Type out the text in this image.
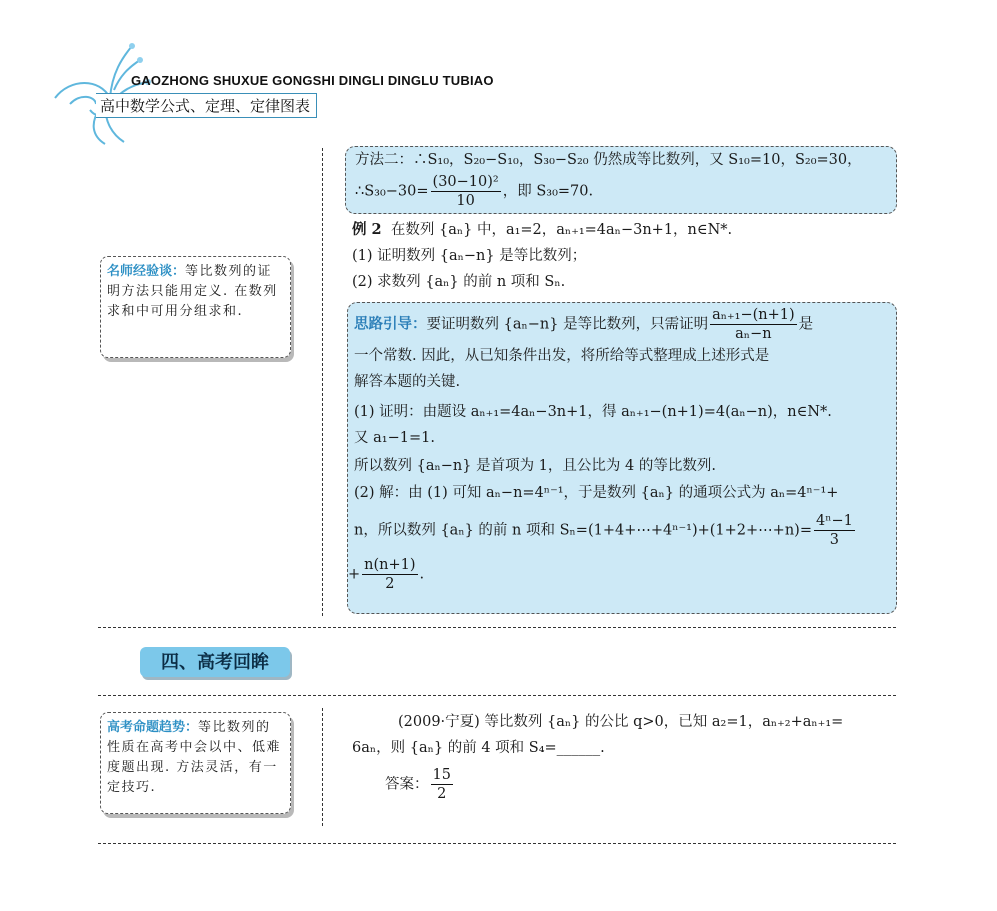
GAOZHONG SHUXUE GONGSHI DINGLI DINGLU TUBIAO
高中数学公式、定理、定律图表
方法二：∴S₁₀，S₂₀−S₁₀，S₃₀−S₂₀ 仍然成等比数列，又 S₁₀=10，S₂₀=30，
∴S₃₀−30= $\frac{\text{(30−10)²}}{10}$ ，即 S₃₀=70.
例 2 在数列 {aₙ} 中，a₁=2，aₙ₊₁=4aₙ−3n+1，n∈N*.
(1) 证明数列 {aₙ−n} 是等比数列；
(2) 求数列 {aₙ} 的前 n 项和 Sₙ.
名师经验谈：等比数列的证明方法只能用定义. 在数列求和中可用分组求和.
思路引导：要证明数列 {aₙ−n} 是等比数列，只需证明 $\frac{\text{aₙ₊₁−(n+1)}}{\text{aₙ−n}}$ 是
一个常数. 因此，从已知条件出发，将所给等式整理成上述形式是
解答本题的关键.
(1) 证明：由题设 aₙ₊₁=4aₙ−3n+1，得 aₙ₊₁−(n+1)=4(aₙ−n)，n∈N*.
又 a₁−1=1.
所以数列 {aₙ−n} 是首项为 1，且公比为 4 的等比数列.
(2) 解：由 (1) 可知 aₙ−n=4ⁿ⁻¹，于是数列 {aₙ} 的通项公式为 aₙ=4ⁿ⁻¹+
n，所以数列 {aₙ} 的前 n 项和 Sₙ=(1+4+⋯+4ⁿ⁻¹)+(1+2+⋯+n)= $\frac{\text{4ⁿ−1}}{3}$
+ $\frac{n(n+1)}{2}$ .
四、高考回眸
高考命题趋势：等比数列的性质在高考中会以中、低难度题出现. 方法灵活，有一定技巧.
(2009·宁夏) 等比数列 {aₙ} 的公比 q>0，已知 a₂=1，aₙ₊₂+aₙ₊₁=
6aₙ，则 {aₙ} 的前 4 项和 S₄=______.
答案： $\frac{15}{2}$
